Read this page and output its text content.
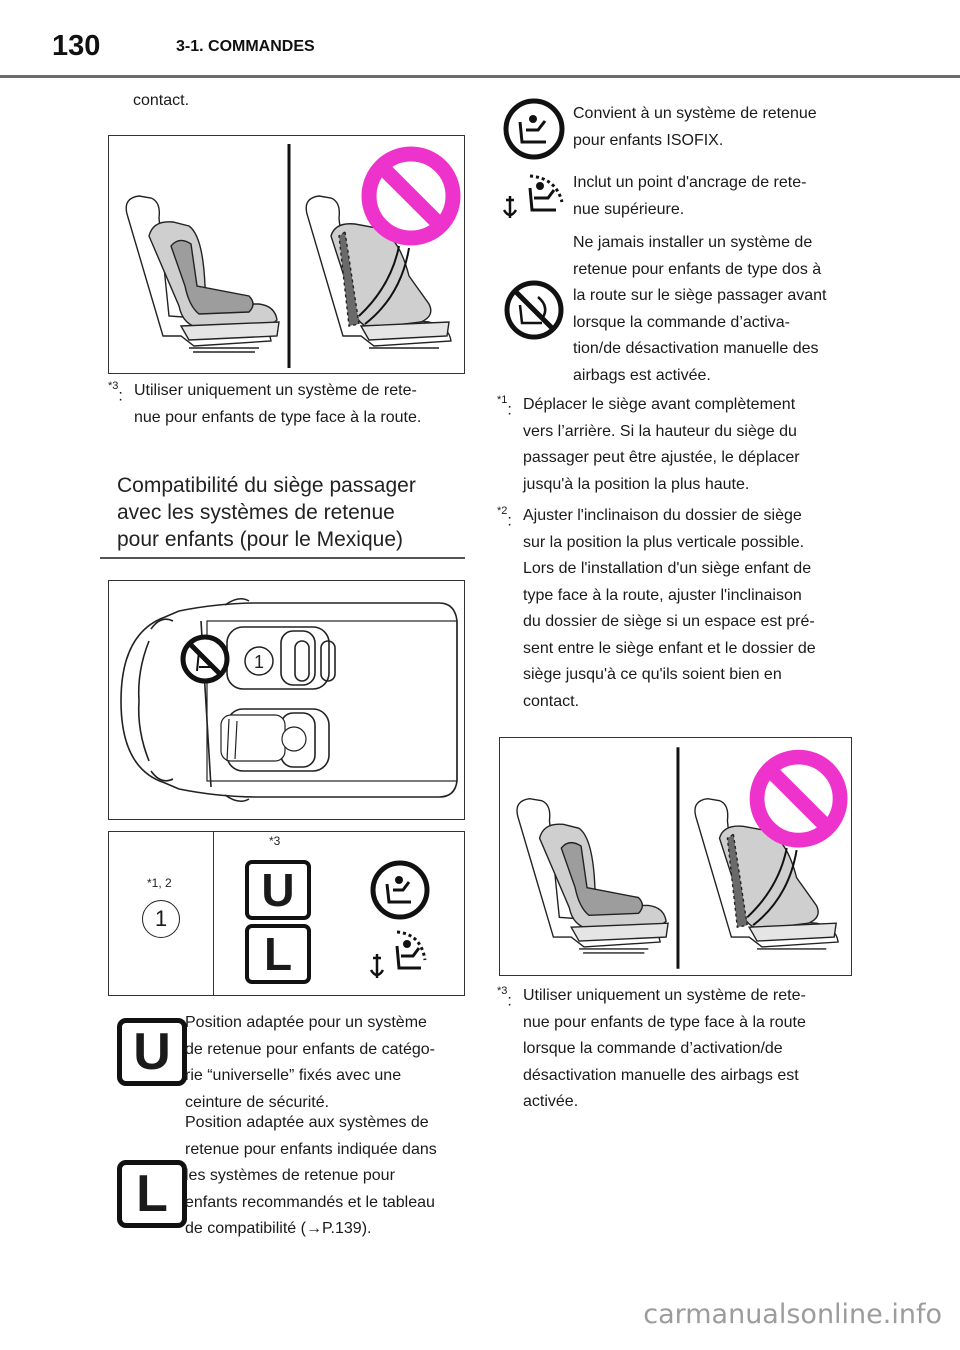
130	3-1. COMMANDES
contact.
$^{*3}$: Utiliser uniquement un système de rete-
nue pour enfants de type face à la route.
Compatibilité du siège passager
avec les systèmes de retenue
pour enfants (pour le Mexique)
1
*1, 2
1
*3
U
L
U
Position adaptée pour un système
de retenue pour enfants de catégo-
rie “universelle” fixés avec une
ceinture de sécurité.
L
Position adaptée aux systèmes de
retenue pour enfants indiquée dans
les systèmes de retenue pour
enfants recommandés et le tableau
de compatibilité (→P.139).
Convient à un système de retenue
pour enfants ISOFIX.
Inclut un point d'ancrage de rete-
nue supérieure.
Ne jamais installer un système de
retenue pour enfants de type dos à
la route sur le siège passager avant
lorsque la commande d’activa-
tion/de désactivation manuelle des
airbags est activée.
$^{*1}$: Déplacer le siège avant complètement
vers l’arrière. Si la hauteur du siège du
passager peut être ajustée, le déplacer
jusqu'à la position la plus haute.
$^{*2}$: Ajuster l'inclinaison du dossier de siège
sur la position la plus verticale possible.
Lors de l'installation d'un siège enfant de
type face à la route, ajuster l'inclinaison
du dossier de siège si un espace est pré-
sent entre le siège enfant et le dossier de
siège jusqu'à ce qu'ils soient bien en
contact.
$^{*3}$: Utiliser uniquement un système de rete-
nue pour enfants de type face à la route
lorsque la commande d’activation/de
désactivation manuelle des airbags est
activée.
carmanualsonline.info
